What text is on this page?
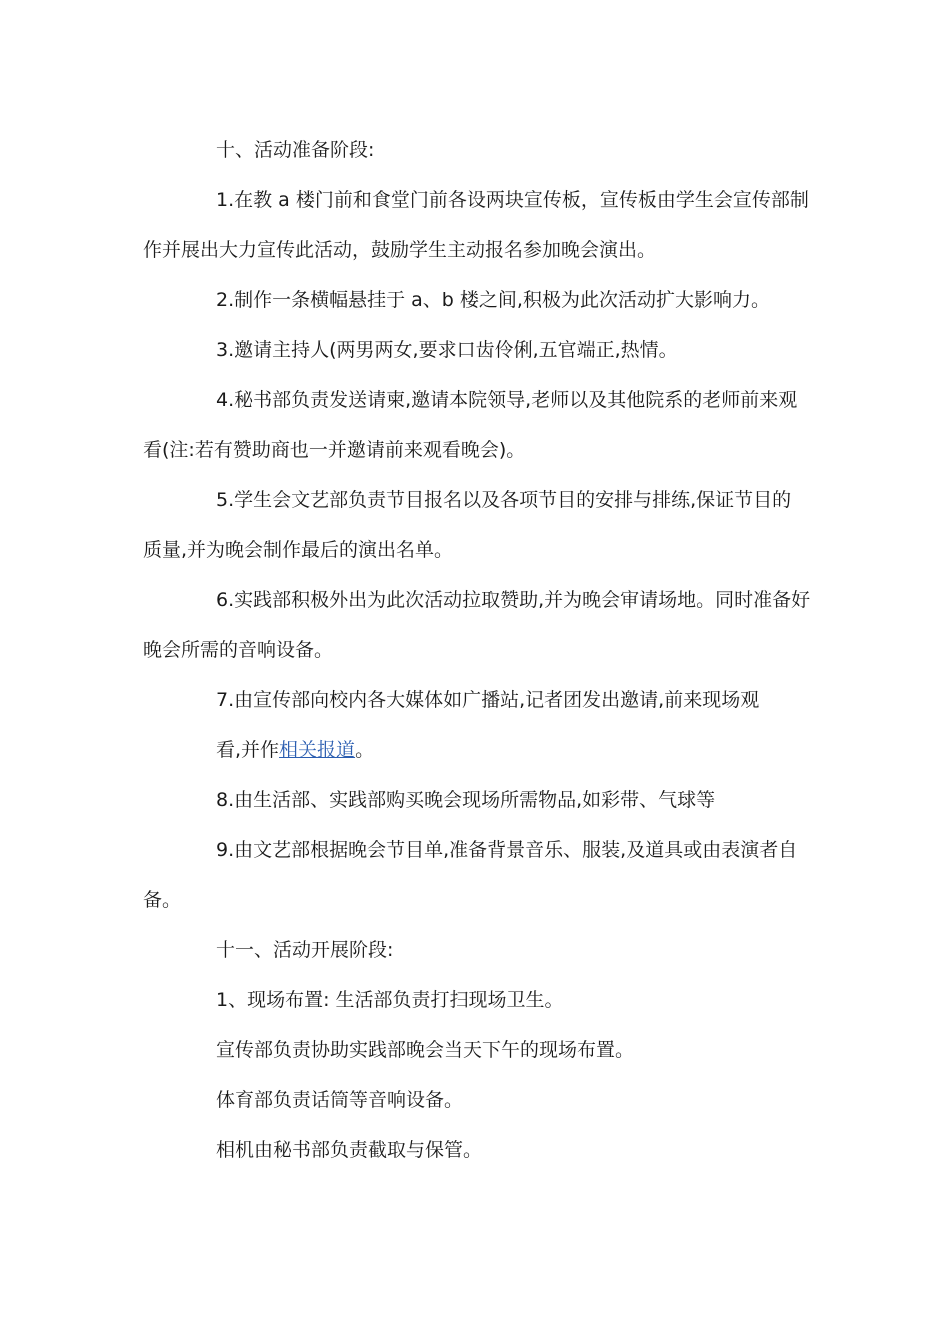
十、活动准备阶段:
1.在教 a 楼门前和食堂门前各设两块宣传板，宣传板由学生会宣传部制
作并展出大力宣传此活动，鼓励学生主动报名参加晚会演出。
2.制作一条横幅悬挂于 a、b 楼之间,积极为此次活动扩大影响力。
3.邀请主持人(两男两女,要求口齿伶俐,五官端正,热情。
4.秘书部负责发送请柬,邀请本院领导,老师以及其他院系的老师前来观
看(注:若有赞助商也一并邀请前来观看晚会)。
5.学生会文艺部负责节目报名以及各项节目的安排与排练,保证节目的
质量,并为晚会制作最后的演出名单。
6.实践部积极外出为此次活动拉取赞助,并为晚会审请场地。同时准备好
晚会所需的音响设备。
7.由宣传部向校内各大媒体如广播站,记者团发出邀请,前来现场观
看,并作相关报道。
8.由生活部、实践部购买晚会现场所需物品,如彩带、气球等
9.由文艺部根据晚会节目单,准备背景音乐、服装,及道具或由表演者自
备。
十一、活动开展阶段:
1、现场布置: 生活部负责打扫现场卫生。
宣传部负责协助实践部晚会当天下午的现场布置。
体育部负责话筒等音响设备。
相机由秘书部负责截取与保管。
